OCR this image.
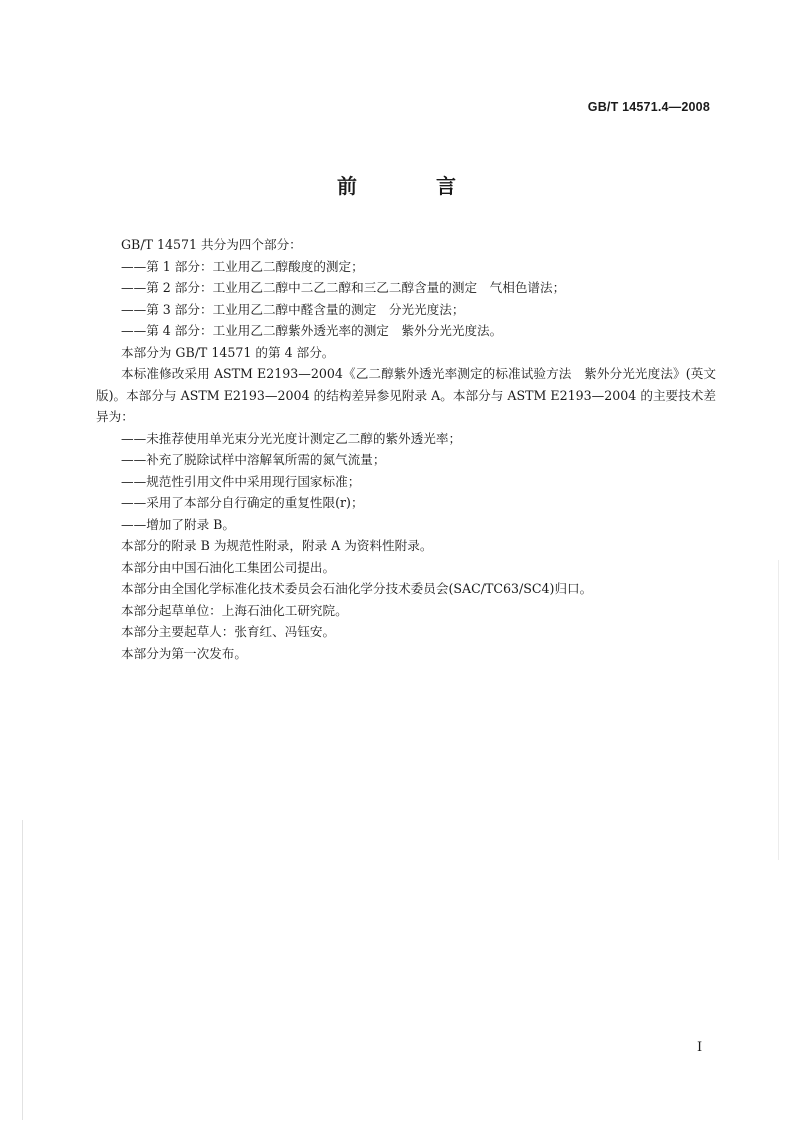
GB/T 14571.4—2008
前 言

GB/T 14571 共分为四个部分：

——第 1 部分：工业用乙二醇酸度的测定；

——第 2 部分：工业用乙二醇中二乙二醇和三乙二醇含量的测定　气相色谱法；

——第 3 部分：工业用乙二醇中醛含量的测定　分光光度法；

——第 4 部分：工业用乙二醇紫外透光率的测定　紫外分光光度法。

本部分为 GB/T 14571 的第 4 部分。

本标准修改采用 ASTM E2193—2004《乙二醇紫外透光率测定的标准试验方法　紫外分光光度法》(英文版)。本部分与 ASTM E2193—2004 的结构差异参见附录 A。本部分与 ASTM E2193—2004 的主要技术差异为：

——未推荐使用单光束分光光度计测定乙二醇的紫外透光率；

——补充了脱除试样中溶解氧所需的氮气流量；

——规范性引用文件中采用现行国家标准；

——采用了本部分自行确定的重复性限(r)；

——增加了附录 B。

本部分的附录 B 为规范性附录，附录 A 为资料性附录。

本部分由中国石油化工集团公司提出。

本部分由全国化学标准化技术委员会石油化学分技术委员会(SAC/TC63/SC4)归口。

本部分起草单位：上海石油化工研究院。

本部分主要起草人：张育红、冯钰安。

本部分为第一次发布。

I
